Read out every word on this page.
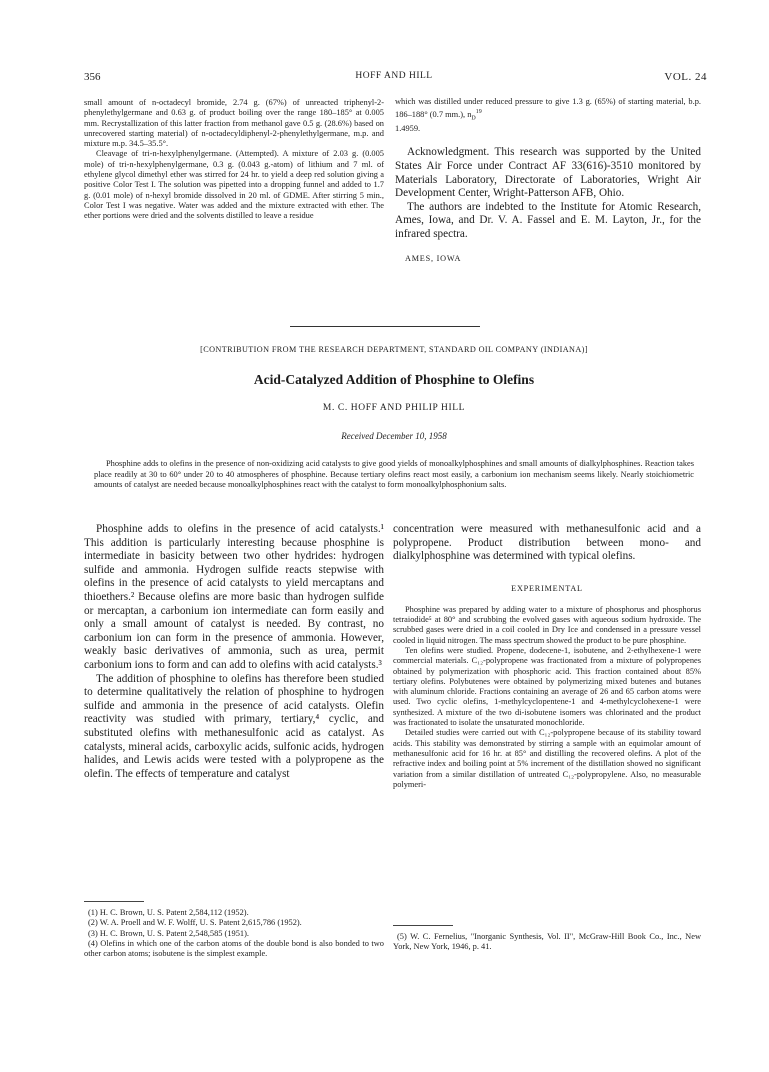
356	HOFF AND HILL	VOL. 24

small amount of n-octadecyl bromide, 2.74 g. (67%) of unreacted triphenyl-2-phenylethylgermane and 0.63 g. of product boiling over the range 180–185° at 0.005 mm. Recrystallization of this latter fraction from methanol gave 0.5 g. (28.6%) based on unrecovered starting material) of n-octadecyldiphenyl-2-phenylethylgermane, m.p. and mixture m.p. 34.5–35.5°.

Cleavage of tri-n-hexylphenylgermane. (Attempted). A mixture of 2.03 g. (0.005 mole) of tri-n-hexylphenylgermane, 0.3 g. (0.043 g.-atom) of lithium and 7 ml. of ethylene glycol dimethyl ether was stirred for 24 hr. to yield a deep red solution giving a positive Color Test I. The solution was pipetted into a dropping funnel and added to 1.7 g. (0.01 mole) of n-hexyl bromide dissolved in 20 ml. of GDME. After stirring 5 min., Color Test I was negative. Water was added and the mixture extracted with ether. The ether portions were dried and the solvents distilled to leave a residue

which was distilled under reduced pressure to give 1.3 g. (65%) of starting material, b.p. 186–188° (0.7 mm.), $n_D^{19}$

1.4959.

Acknowledgment. This research was supported by the United States Air Force under Contract AF 33(616)-3510 monitored by Materials Laboratory, Directorate of Laboratories, Wright Air Development Center, Wright-Patterson AFB, Ohio.

The authors are indebted to the Institute for Atomic Research, Ames, Iowa, and Dr. V. A. Fassel and E. M. Layton, Jr., for the infrared spectra.

AMES, IOWA

[CONTRIBUTION FROM THE RESEARCH DEPARTMENT, STANDARD OIL COMPANY (INDIANA)]
Acid-Catalyzed Addition of Phosphine to Olefins
M. C. HOFF AND PHILIP HILL
Received December 10, 1958
Phosphine adds to olefins in the presence of non-oxidizing acid catalysts to give good yields of monoalkylphosphines and small amounts of dialkylphosphines. Reaction takes place readily at 30 to 60° under 20 to 40 atmospheres of phosphine. Because tertiary olefins react most easily, a carbonium ion mechanism seems likely. Nearly stoichiometric amounts of catalyst are needed because monoalkylphosphines react with the catalyst to form monoalkylphosphonium salts.

Phosphine adds to olefins in the presence of acid catalysts.¹ This addition is particularly interesting because phosphine is intermediate in basicity between two other hydrides: hydrogen sulfide and ammonia. Hydrogen sulfide reacts stepwise with olefins in the presence of acid catalysts to yield mercaptans and thioethers.² Because olefins are more basic than hydrogen sulfide or mercaptan, a carbonium ion intermediate can form easily and only a small amount of catalyst is needed. By contrast, no carbonium ion can form in the presence of ammonia. However, weakly basic derivatives of ammonia, such as urea, permit carbonium ions to form and can add to olefins with acid catalysts.³

The addition of phosphine to olefins has therefore been studied to determine qualitatively the relation of phosphine to hydrogen sulfide and ammonia in the presence of acid catalysts. Olefin reactivity was studied with primary, tertiary,⁴ cyclic, and substituted olefins with methanesulfonic acid as catalyst. As catalysts, mineral acids, carboxylic acids, sulfonic acids, hydrogen halides, and Lewis acids were tested with a polypropene as the olefin. The effects of temperature and catalyst

concentration were measured with methanesulfonic acid and a polypropene. Product distribution between mono- and dialkylphosphine was determined with typical olefins.

EXPERIMENTAL

Phosphine was prepared by adding water to a mixture of phosphorus and phosphorus tetraiodide⁵ at 80° and scrubbing the evolved gases with aqueous sodium hydroxide. The scrubbed gases were dried in a coil cooled in Dry Ice and condensed in a pressure vessel cooled in liquid nitrogen. The mass spectrum showed the product to be pure phosphine.

Ten olefins were studied. Propene, dodecene-1, isobutene, and 2-ethylhexene-1 were commercial materials. C₁₂-polypropene was fractionated from a mixture of polypropenes obtained by polymerization with phosphoric acid. This fraction contained about 85% tertiary olefins. Polybutenes were obtained by polymerizing mixed butenes and butanes with aluminum chloride. Fractions containing an average of 26 and 65 carbon atoms were used. Two cyclic olefins, 1-methylcyclopentene-1 and 4-methylcyclohexene-1 were synthesized. A mixture of the two di-isobutene isomers was chlorinated and the product was fractionated to isolate the unsaturated monochloride.

Detailed studies were carried out with C₁₂-polypropene because of its stability toward acids. This stability was demonstrated by stirring a sample with an equimolar amount of methanesulfonic acid for 16 hr. at 85° and distilling the recovered olefins. A plot of the refractive index and boiling point at 5% increment of the distillation showed no significant variation from a similar distillation of untreated C₁₂-polypropylene. Also, no measurable polymeri-

(1) H. C. Brown, U. S. Patent 2,584,112 (1952).

(2) W. A. Proell and W. F. Wolff, U. S. Patent 2,615,786 (1952).

(3) H. C. Brown, U. S. Patent 2,548,585 (1951).

(4) Olefins in which one of the carbon atoms of the double bond is also bonded to two other carbon atoms; isobutene is the simplest example.

(5) W. C. Fernelius, "Inorganic Synthesis, Vol. II", McGraw-Hill Book Co., Inc., New York, New York, 1946, p. 41.
